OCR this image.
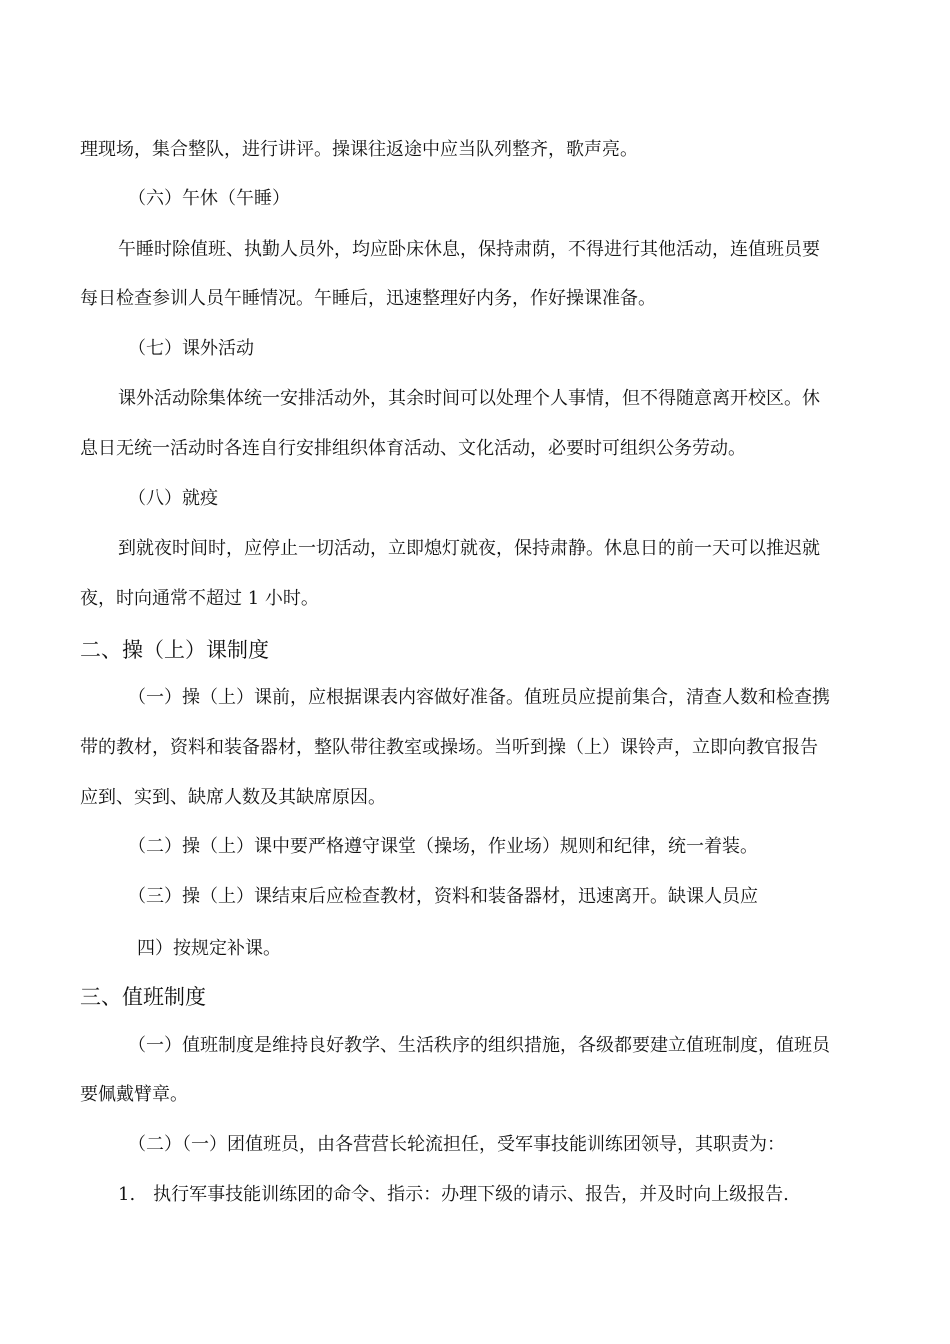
理现场，集合整队，进行讲评。操课往返途中应当队列整齐，歌声亮。
（六）午休（午睡）
午睡时除值班、执勤人员外，均应卧床休息，保持肃荫，不得进行其他活动，连值班员要
每日检查参训人员午睡情况。午睡后，迅速整理好内务，作好操课准备。
（七）课外活动
课外活动除集体统一安排活动外，其余时间可以处理个人事情，但不得随意离开校区。休
息日无统一活动时各连自行安排组织体育活动、文化活动，必要时可组织公务劳动。
（八）就疫
到就夜时间时，应停止一切活动，立即熄灯就夜，保持肃静。休息日的前一天可以推迟就
夜，时向通常不超过 1 小时。
二、操（上）课制度
（一）操（上）课前，应根据课表内容做好准备。值班员应提前集合，清查人数和检查携
带的教材，资料和装备器材，整队带往教室或操场。当听到操（上）课铃声，立即向教官报告
应到、实到、缺席人数及其缺席原因。
（二）操（上）课中要严格遵守课堂（操场，作业场）规则和纪律，统一着装。
（三）操（上）课结束后应检查教材，资料和装备器材，迅速离开。缺课人员应
四）按规定补课。
三、值班制度
（一）值班制度是维持良好教学、生活秩序的组织措施，各级都要建立值班制度，值班员
要佩戴臂章。
（二）（一）团值班员，由各营营长轮流担任，受军事技能训练团领导，其职责为：
1.　执行军事技能训练团的命令、指示：办理下级的请示、报告，并及时向上级报告.
